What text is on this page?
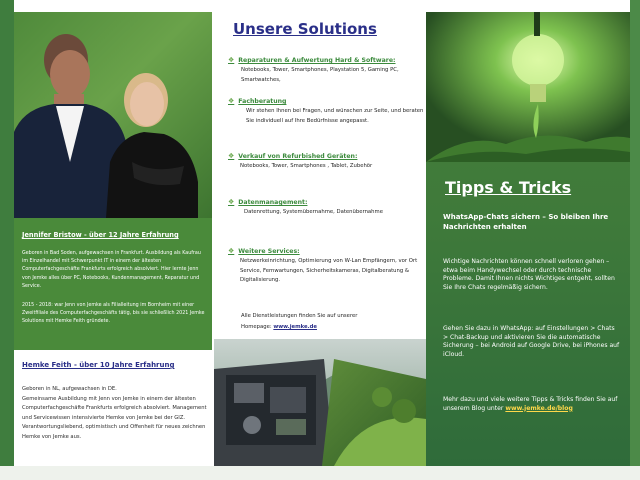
Jennifer Bristow - über 12 Jahre Erfahrung

Geboren in Bad Soden, aufgewachsen in Frankfurt. Ausbildung als Kaufrau im Einzelhandel mit Schwerpunkt IT in einem der ältesten Computerfachgeschäfte Frankfurts erfolgreich absolviert. Hier lernte Jenn von Jemke alles über PC, Notebooks, Kundenmanagement, Reparatur und Service.

2015 - 2018: war Jenn von Jemke als Filialleitung im Bornheim mit einer Zweitfiliale des Computerfachgeschäfts tätig, bis sie schließlich 2021 Jemke Solutions mit Hemke Feith gründete.

Hemke Feith - über 10 Jahre Erfahrung

Geboren in NL, aufgewachsen in DE.

Gemeinsame Ausbildung mit Jenn von Jemke in einem der ältesten Computerfachgeschäfte Frankfurts erfolgreich absolviert. Management und Servicewissen intensivierte Hemke von Jemke bei der GIZ. Verantwortungsliebend, optimistisch und Offenheit für neues zeichnen Hemke von Jemke aus.

Unsere Solutions
❖ Reparaturen & Aufwertung Hard & Software:
Notebooks, Tower, Smartphones, Playstation 5, Gaming PC, Smartwatches,
❖ Fachberatung
Wir stehen Ihnen bei Fragen, und wünschen zur Seite, und beraten Sie individuell auf Ihre Bedürfnisse angepasst.
❖ Verkauf von Refurbished Geräten:
Notebooks, Tower, Smartphones , Tablet, Zubehör
❖ Datenmanagement:
Datenrettung, Systemübernahme, Datenübernahme
❖ Weitere Services:
Netzwerkeinrichtung, Optimierung von W-Lan Empfängern, vor Ort Service, Fernwartungen, Sicherheitskameras, Digitalberatung & Digitalisierung.
Alle Dienstleistungen finden Sie auf unserer
Homepage: www.jemke.de
Tipps & Tricks
WhatsApp-Chats sichern – So bleiben Ihre Nachrichten erhalten

Wichtige Nachrichten können schnell verloren gehen – etwa beim Handywechsel oder durch technische Probleme. Damit Ihnen nichts Wichtiges entgeht, sollten Sie Ihre Chats regelmäßig sichern.

Gehen Sie dazu in WhatsApp: auf Einstellungen > Chats > Chat-Backup und aktivieren Sie die automatische Sicherung – bei Android auf Google Drive, bei iPhones auf iCloud.

Mehr dazu und viele weitere Tipps & Tricks finden Sie auf unserem Blog unter www.jemke.de/blog
